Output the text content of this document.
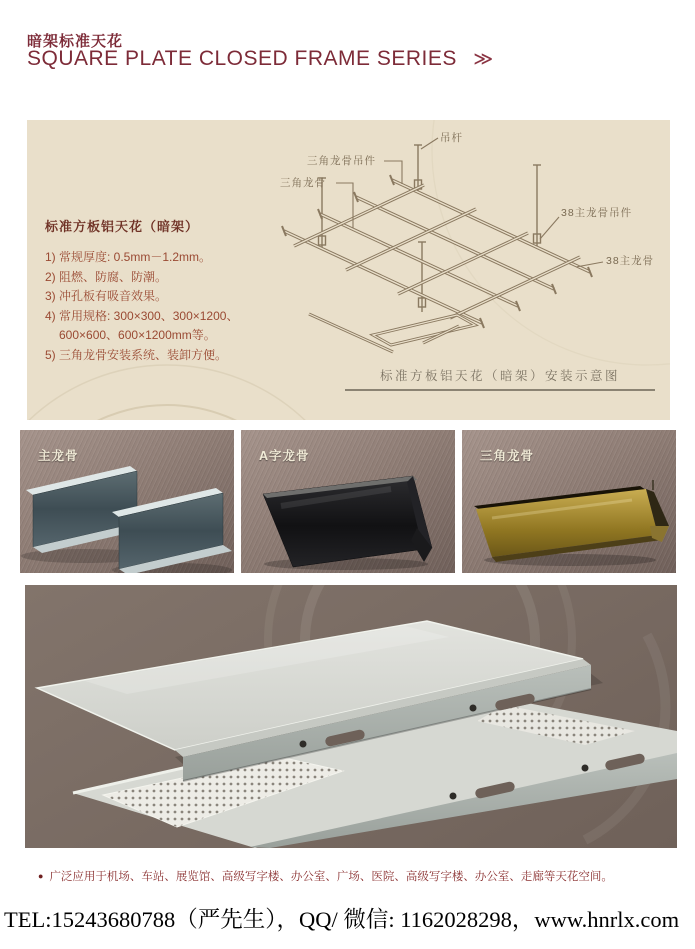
暗架标准天花
SQUARE PLATE CLOSED FRAME SERIES ≫
吊杆
三角龙骨吊件
三角龙骨
38主龙骨吊件
38主龙骨
标准方板铝天花（暗架）
1) 常规厚度: 0.5mm－1.2mm。
2) 阻燃、防腐、防潮。
3) 冲孔板有吸音效果。
4) 常用规格: 300×300、300×1200、
600×600、600×1200mm等。
5) 三角龙骨安装系统、装卸方便。
标准方板铝天花（暗架）安装示意图
主龙骨	A字龙骨	三角龙骨
● 广泛应用于机场、车站、展览馆、高级写字楼、办公室、广场、医院、高级写字楼、办公室、走廊等天花空间。
TEL:15243680788（严先生），QQ/ 微信: 1162028298，www.hnrlx.com
